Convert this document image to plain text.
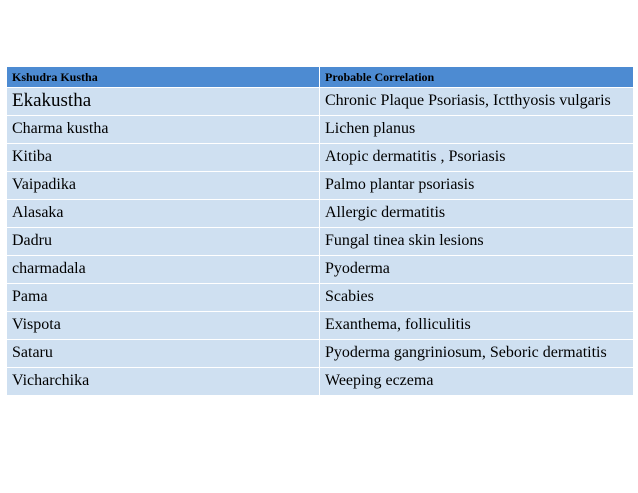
Kshudra Kustha	Probable Correlation
Ekakustha	Chronic Plaque Psoriasis, Ictthyosis vulgaris
Charma kustha	Lichen planus
Kitiba	Atopic dermatitis , Psoriasis
Vaipadika	Palmo plantar psoriasis
Alasaka	Allergic dermatitis
Dadru	Fungal tinea skin lesions
charmadala	Pyoderma
Pama	Scabies
Vispota	Exanthema, folliculitis
Sataru	Pyoderma gangriniosum, Seboric dermatitis
Vicharchika	Weeping eczema
